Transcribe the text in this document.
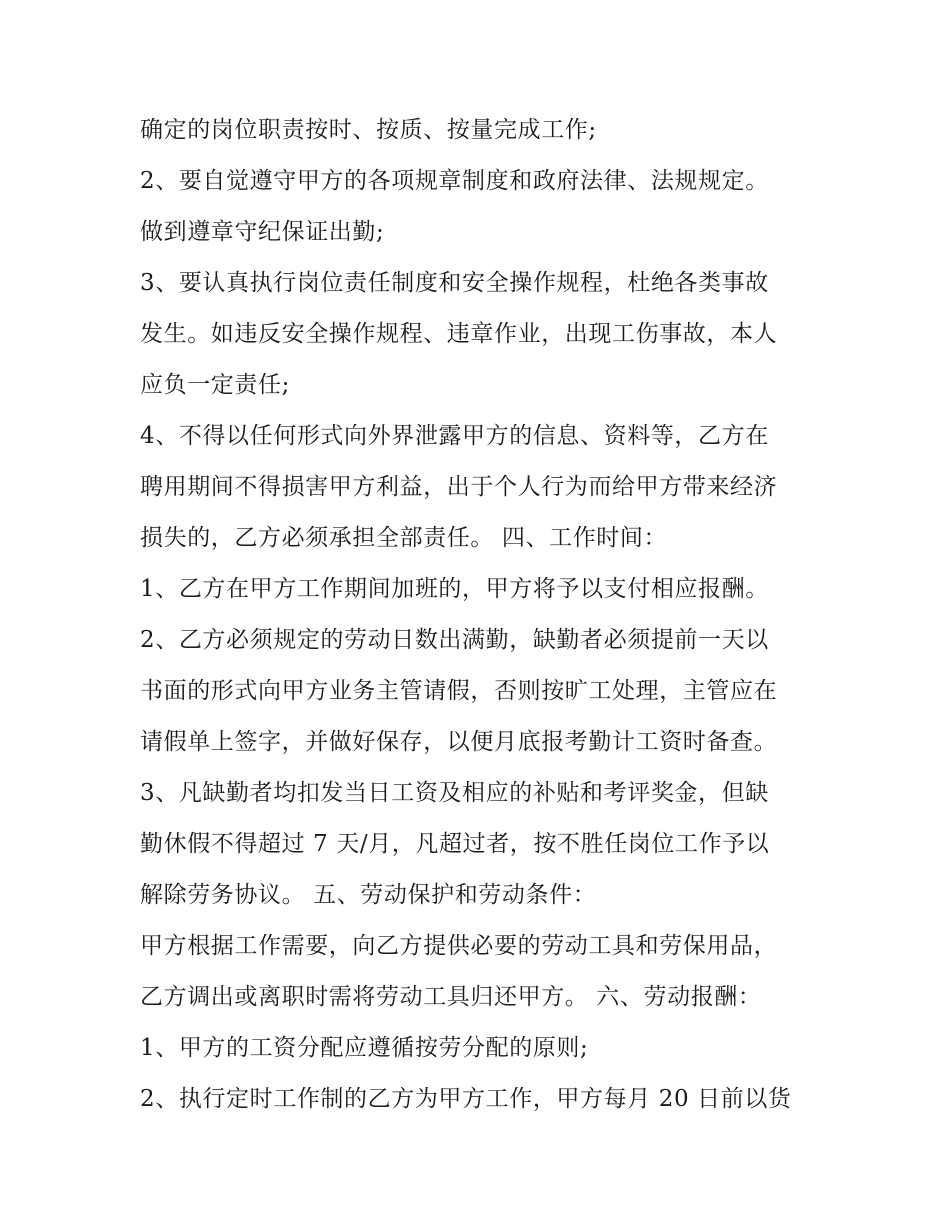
确定的岗位职责按时、按质、按量完成工作;
2、要自觉遵守甲方的各项规章制度和政府法律、法规规定。
做到遵章守纪保证出勤;
3、要认真执行岗位责任制度和安全操作规程，杜绝各类事故
发生。如违反安全操作规程、违章作业，出现工伤事故，本人
应负一定责任;
4、不得以任何形式向外界泄露甲方的信息、资料等，乙方在
聘用期间不得损害甲方利益，出于个人行为而给甲方带来经济
损失的，乙方必须承担全部责任。 四、工作时间：
1、乙方在甲方工作期间加班的，甲方将予以支付相应报酬。
2、乙方必须规定的劳动日数出满勤，缺勤者必须提前一天以
书面的形式向甲方业务主管请假，否则按旷工处理，主管应在
请假单上签字，并做好保存，以便月底报考勤计工资时备查。
3、凡缺勤者均扣发当日工资及相应的补贴和考评奖金，但缺
勤休假不得超过 7 天/月，凡超过者，按不胜任岗位工作予以
解除劳务协议。 五、劳动保护和劳动条件：
甲方根据工作需要，向乙方提供必要的劳动工具和劳保用品，
乙方调出或离职时需将劳动工具归还甲方。 六、劳动报酬：
1、甲方的工资分配应遵循按劳分配的原则;
2、执行定时工作制的乙方为甲方工作，甲方每月 20 日前以货
